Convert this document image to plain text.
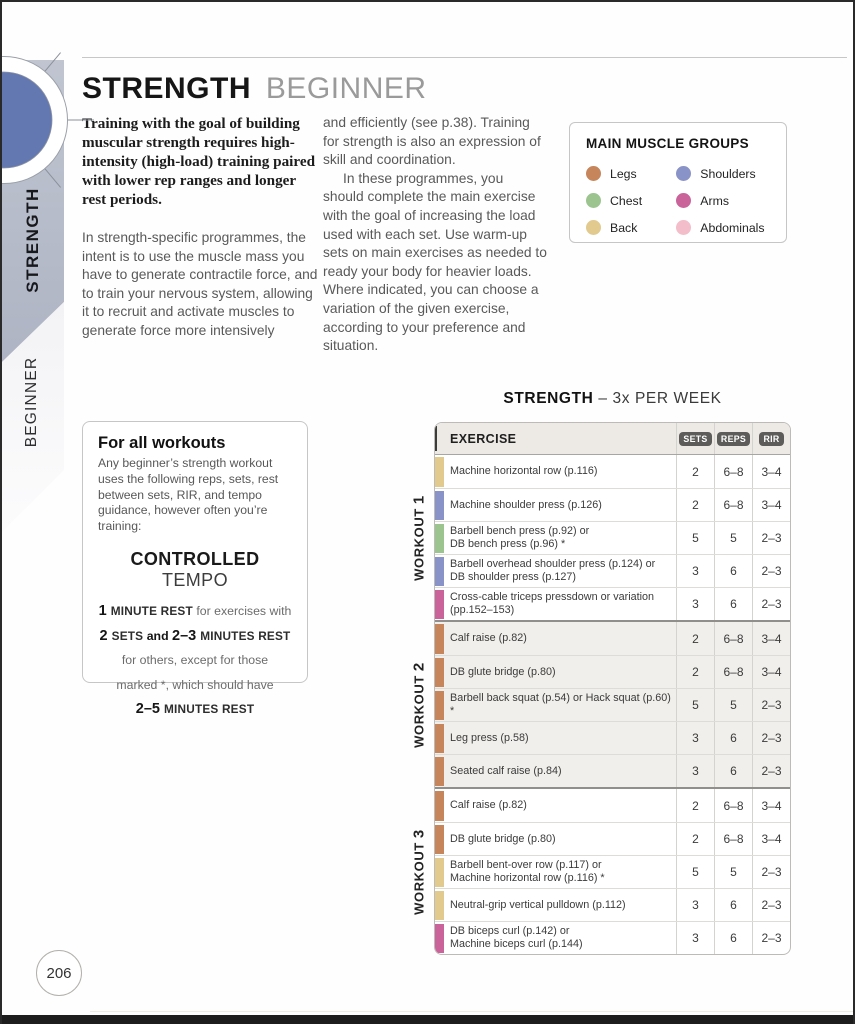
STRENGTH
BEGINNER
STRENGTH BEGINNER
Training with the goal of building muscular strength requires high-intensity (high-load) training paired with lower rep ranges and longer rest periods.
In strength-specific programmes, the intent is to use the muscle mass you have to generate contractile force, and to train your nervous system, allowing it to recruit and activate muscles to generate force more intensively

and efficiently (see p.38). Training for strength is also an expression of skill and coordination.

In these programmes, you should complete the main exercise with the goal of increasing the load used with each set. Use warm-up sets on main exercises as needed to ready your body for heavier loads. Where indicated, you can choose a variation of the given exercise, according to your preference and situation.

MAIN MUSCLE GROUPS
Legs
Chest
Back
Shoulders
Arms
Abdominals
For all workouts
Any beginner’s strength workout uses the following reps, sets, rest between sets, RIR, and tempo guidance, however often you’re training:
CONTROLLED TEMPO
1 MINUTE REST for exercises with
2 SETS and 2–3 MINUTES REST
for others, except for those
marked *, which should have
2–5 MINUTES REST
STRENGTH – 3x PER WEEK
WORKOUT1
WORKOUT2
WORKOUT3
EXERCISE	SETS	REPS	RIR
Machine horizontal row (p.116)	2	6–8	3–4
Machine shoulder press (p.126)	2	6–8	3–4
Barbell bench press (p.92) or
DB bench press (p.96) *	5	5	2–3
Barbell overhead shoulder press (p.124) or
DB shoulder press (p.127)	3	6	2–3
Cross-cable triceps pressdown or variation
(pp.152–153)	3	6	2–3
Calf raise (p.82)	2	6–8	3–4
DB glute bridge (p.80)	2	6–8	3–4
Barbell back squat (p.54) or Hack squat (p.60) *	5	5	2–3
Leg press (p.58)	3	6	2–3
Seated calf raise (p.84)	3	6	2–3
Calf raise (p.82)	2	6–8	3–4
DB glute bridge (p.80)	2	6–8	3–4
Barbell bent-over row (p.117) or
Machine horizontal row (p.116) *	5	5	2–3
Neutral-grip vertical pulldown (p.112)	3	6	2–3
DB biceps curl (p.142) or
Machine biceps curl (p.144)	3	6	2–3
206
